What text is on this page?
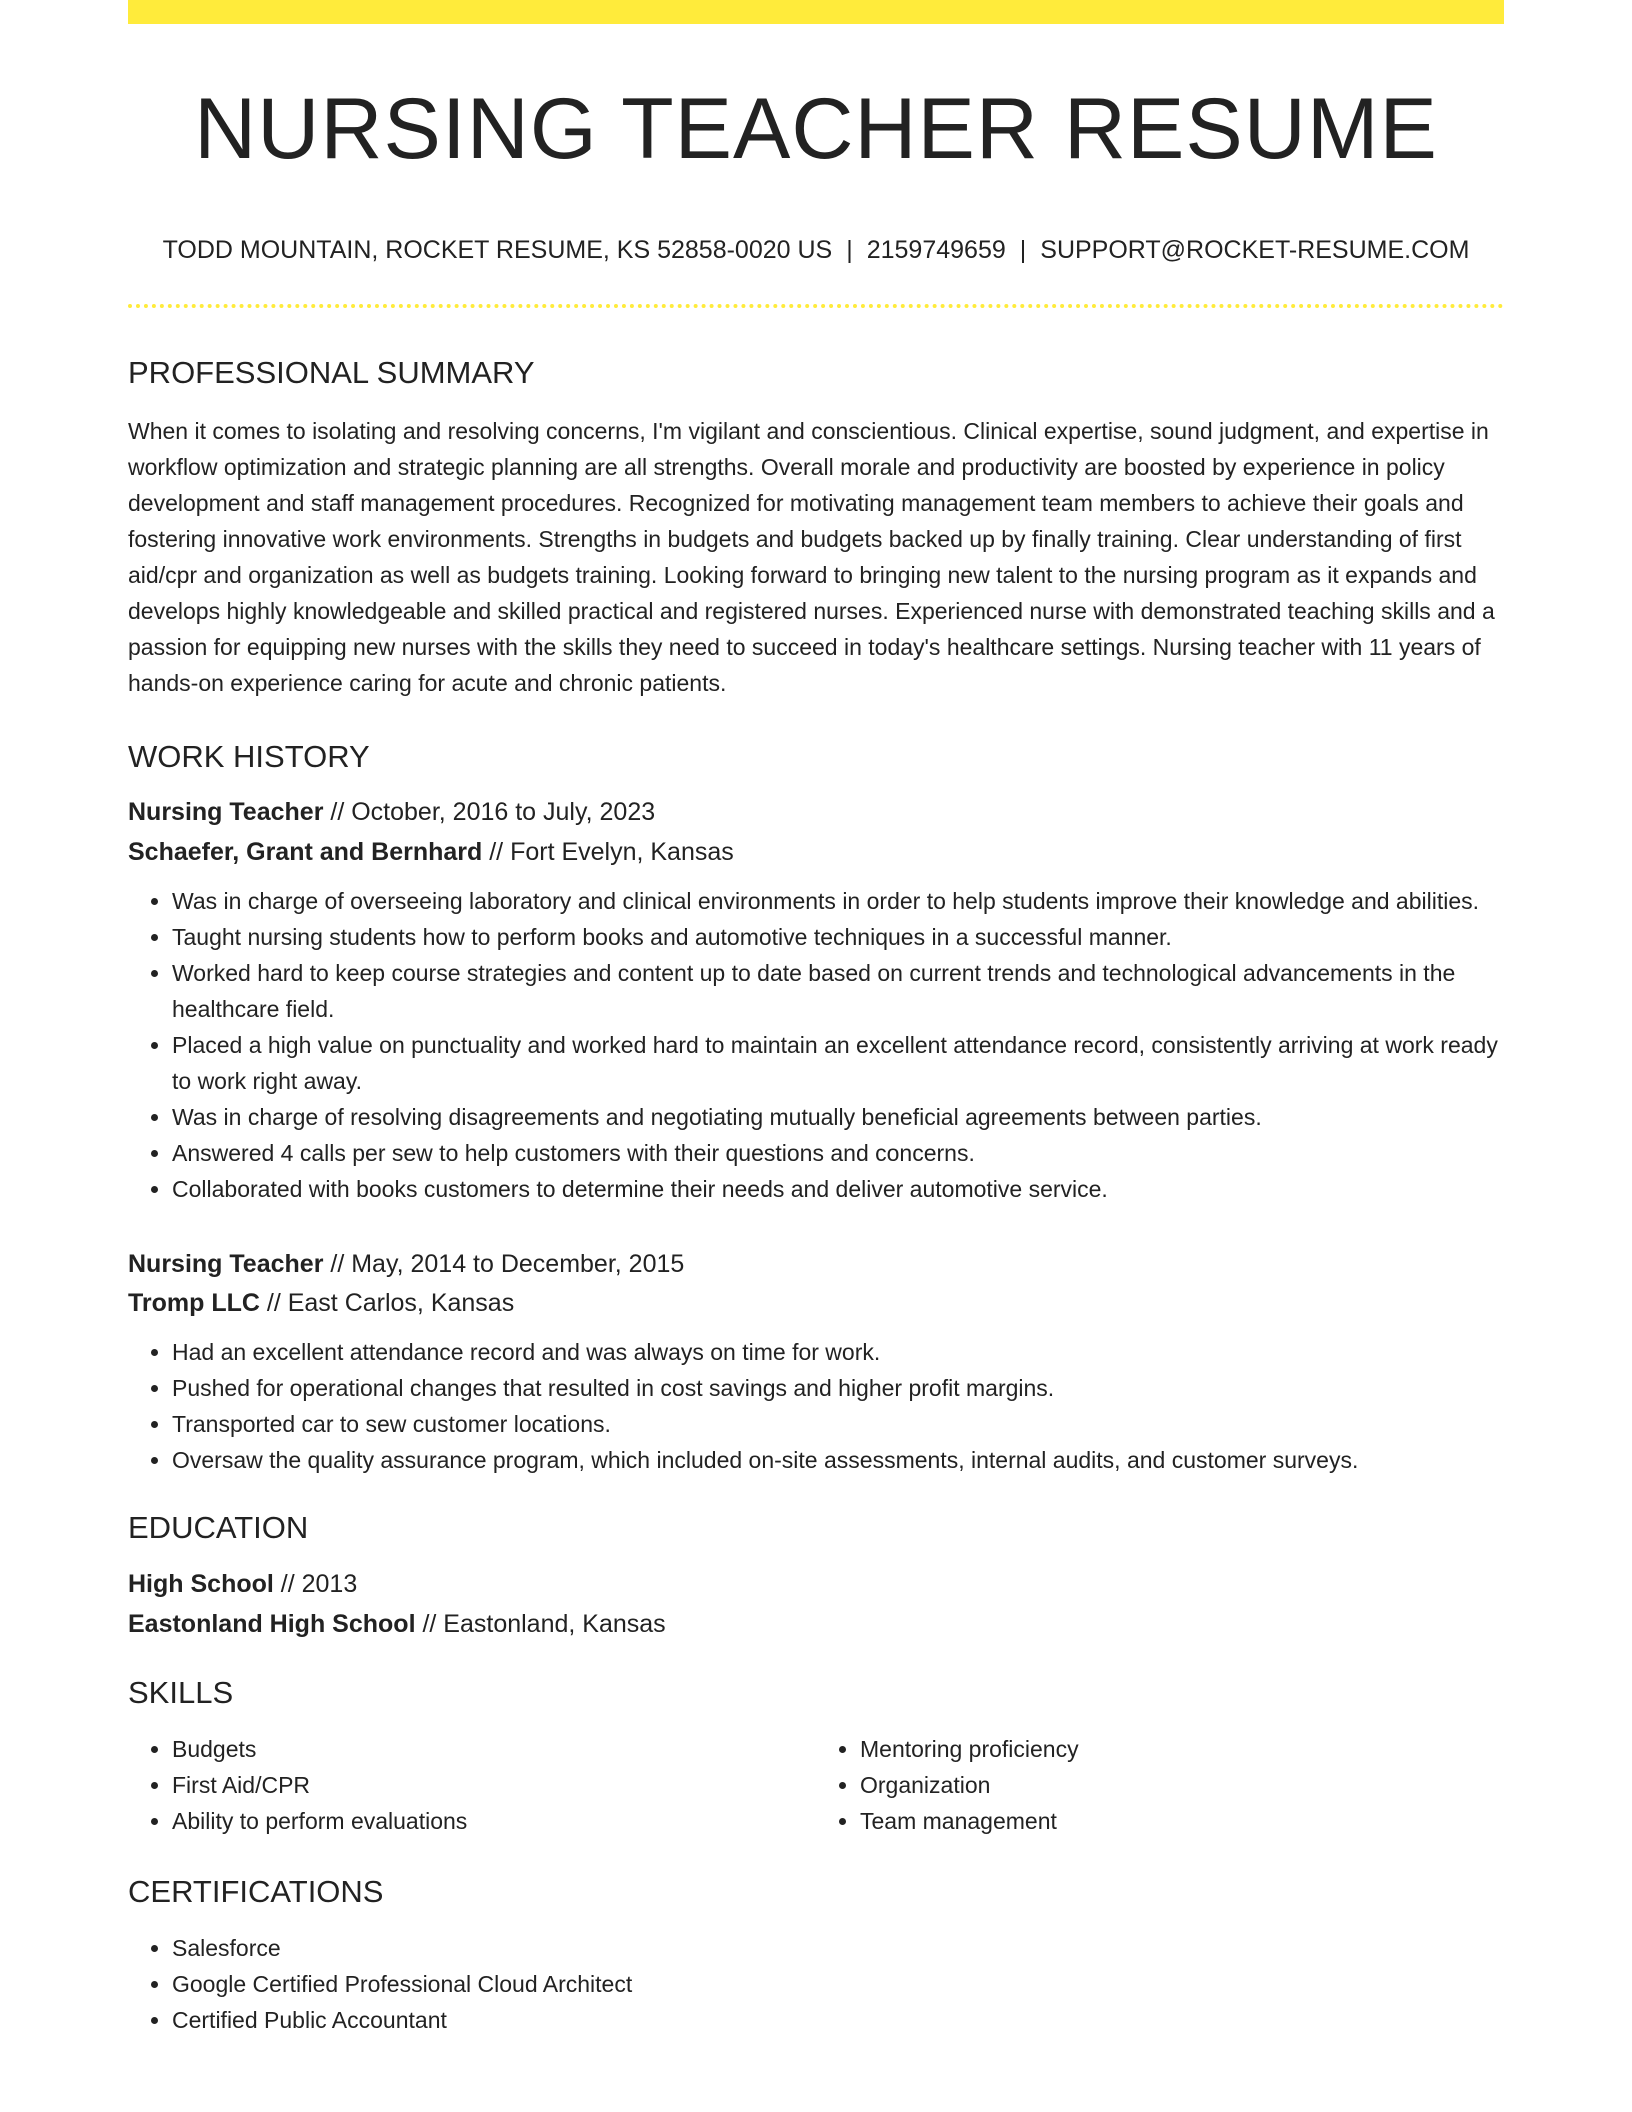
NURSING TEACHER RESUME
TODD MOUNTAIN, ROCKET RESUME, KS 52858-0020 US | 2159749659 | SUPPORT@ROCKET-RESUME.COM
PROFESSIONAL SUMMARY

When it comes to isolating and resolving concerns, I'm vigilant and conscientious. Clinical expertise, sound judgment, and expertise in workflow optimization and strategic planning are all strengths. Overall morale and productivity are boosted by experience in policy development and staff management procedures. Recognized for motivating management team members to achieve their goals and fostering innovative work environments. Strengths in budgets and budgets backed up by finally training. Clear understanding of first aid/cpr and organization as well as budgets training. Looking forward to bringing new talent to the nursing program as it expands and develops highly knowledgeable and skilled practical and registered nurses. Experienced nurse with demonstrated teaching skills and a passion for equipping new nurses with the skills they need to succeed in today's healthcare settings. Nursing teacher with 11 years of hands-on experience caring for acute and chronic patients.

WORK HISTORY
Nursing Teacher // October, 2016 to July, 2023
Schaefer, Grant and Bernhard // Fort Evelyn, Kansas
• Was in charge of overseeing laboratory and clinical environments in order to help students improve their knowledge and abilities.
• Taught nursing students how to perform books and automotive techniques in a successful manner.
• Worked hard to keep course strategies and content up to date based on current trends and technological advancements in the healthcare field.
• Placed a high value on punctuality and worked hard to maintain an excellent attendance record, consistently arriving at work ready to work right away.
• Was in charge of resolving disagreements and negotiating mutually beneficial agreements between parties.
• Answered 4 calls per sew to help customers with their questions and concerns.
• Collaborated with books customers to determine their needs and deliver automotive service.
Nursing Teacher // May, 2014 to December, 2015
Tromp LLC // East Carlos, Kansas
• Had an excellent attendance record and was always on time for work.
• Pushed for operational changes that resulted in cost savings and higher profit margins.
• Transported car to sew customer locations.
• Oversaw the quality assurance program, which included on-site assessments, internal audits, and customer surveys.
EDUCATION
High School // 2013
Eastonland High School // Eastonland, Kansas
SKILLS
• Budgets
• First Aid/CPR
• Ability to perform evaluations
• Mentoring proficiency
• Organization
• Team management
CERTIFICATIONS
• Salesforce
• Google Certified Professional Cloud Architect
• Certified Public Accountant
